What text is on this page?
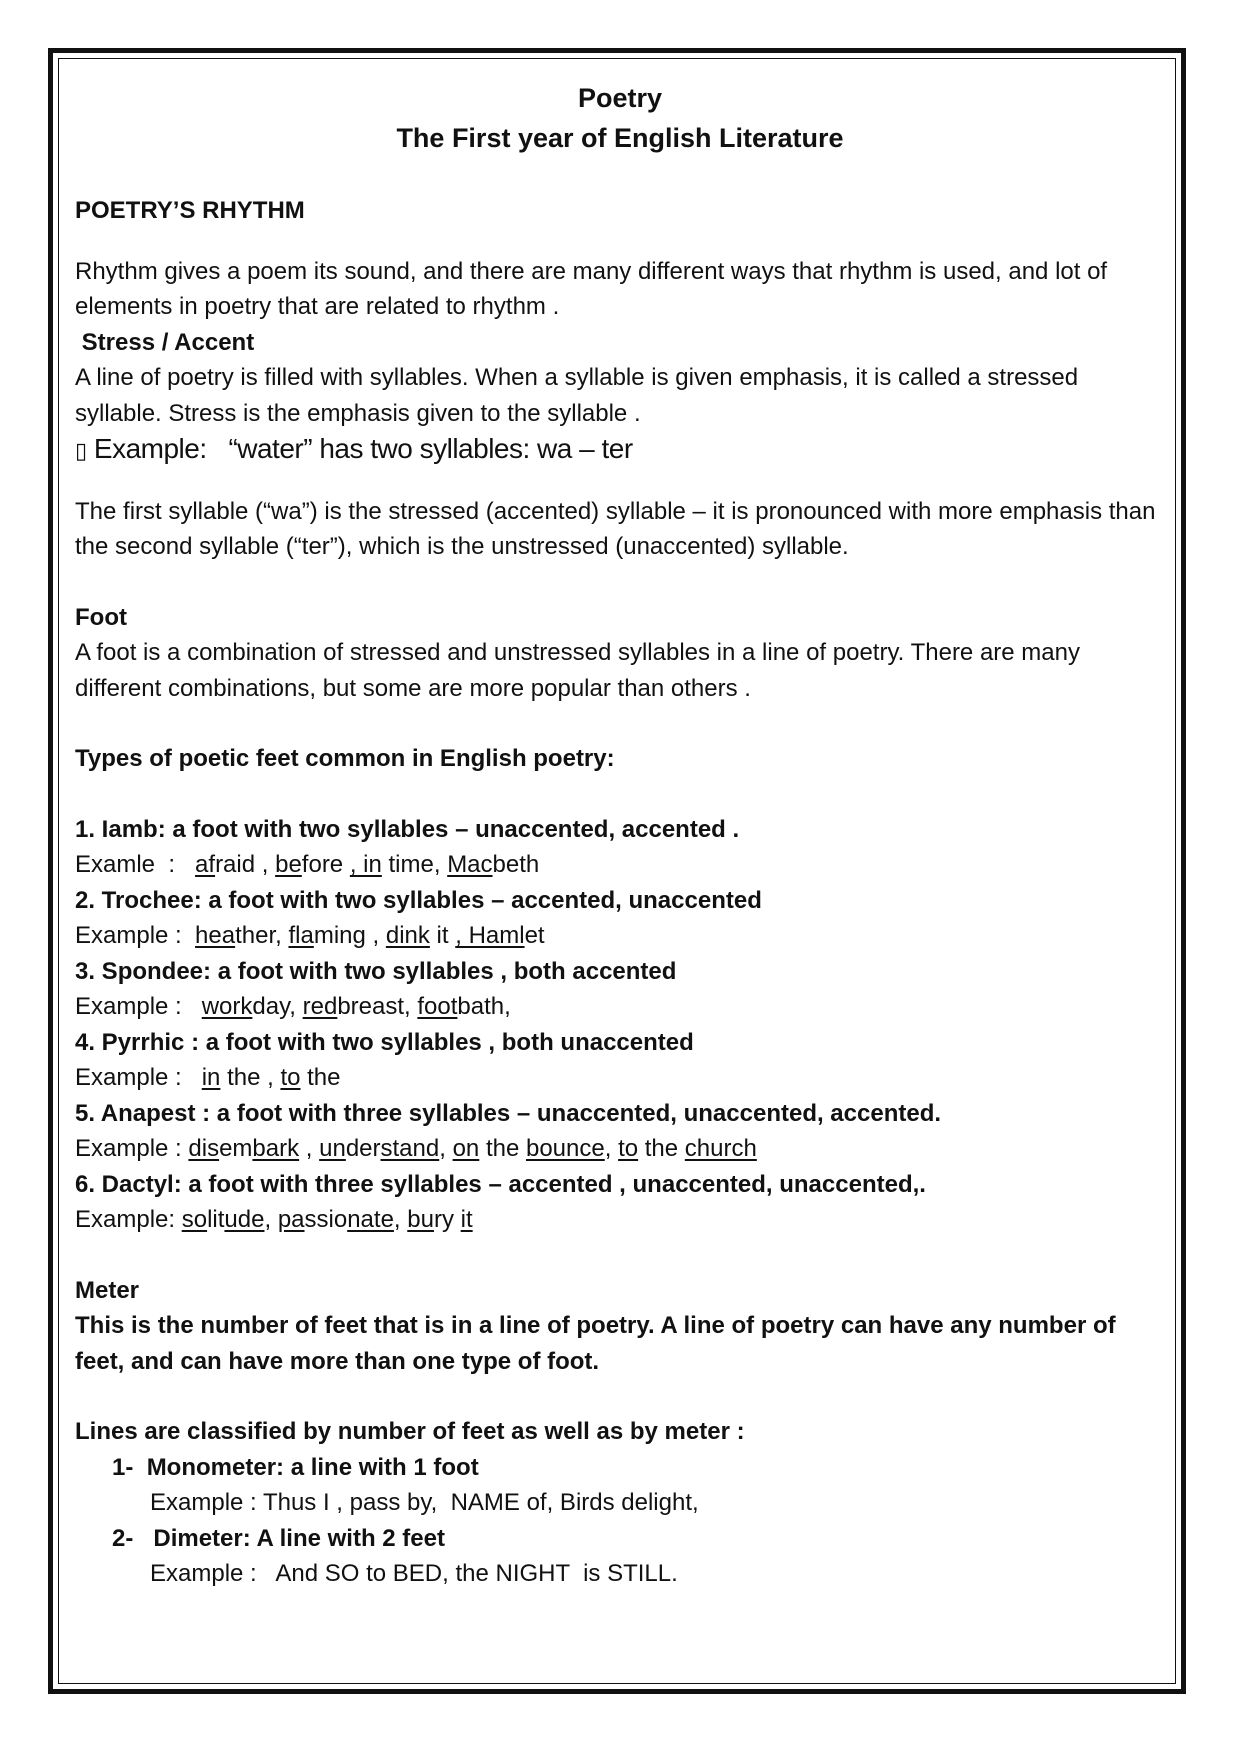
Poetry

The First year of English Literature

POETRY’S RHYTHM

Rhythm gives a poem its sound, and there are many different ways that rhythm is used, and lot of elements in poetry that are related to rhythm .

Stress / Accent

A line of poetry is filled with syllables. When a syllable is given emphasis, it is called a stressed syllable. Stress is the emphasis given to the syllable .

▯ Example:   “water” has two syllables: wa – ter

The first syllable (“wa”) is the stressed (accented) syllable – it is pronounced with more emphasis than the second syllable (“ter”), which is the unstressed (unaccented) syllable.

Foot

A foot is a combination of stressed and unstressed syllables in a line of poetry. There are many different combinations, but some are more popular than others .

Types of poetic feet common in English poetry:

1. Iamb: a foot with two syllables – unaccented, accented .

Examle  :   afraid , before , in time, Macbeth

2. Trochee: a foot with two syllables – accented, unaccented

Example :  heather, flaming , dink it , Hamlet

3. Spondee: a foot with two syllables , both accented

Example :   workday, redbreast, footbath,

4. Pyrrhic : a foot with two syllables , both unaccented

Example :   in the , to the

5. Anapest : a foot with three syllables – unaccented, unaccented, accented.

Example : disembark , understand, on the bounce, to the church

6. Dactyl: a foot with three syllables – accented , unaccented, unaccented,.

Example: solitude, passionate, bury it

Meter

This is the number of feet that is in a line of poetry. A line of poetry can have any number of feet, and can have more than one type of foot.

Lines are classified by number of feet as well as by meter :

1- Monometer: a line with 1 foot

Example : Thus I , pass by,  NAME of, Birds delight,

2-   Dimeter: A line with 2 feet

Example :   And SO to BED, the NIGHT  is STILL.
